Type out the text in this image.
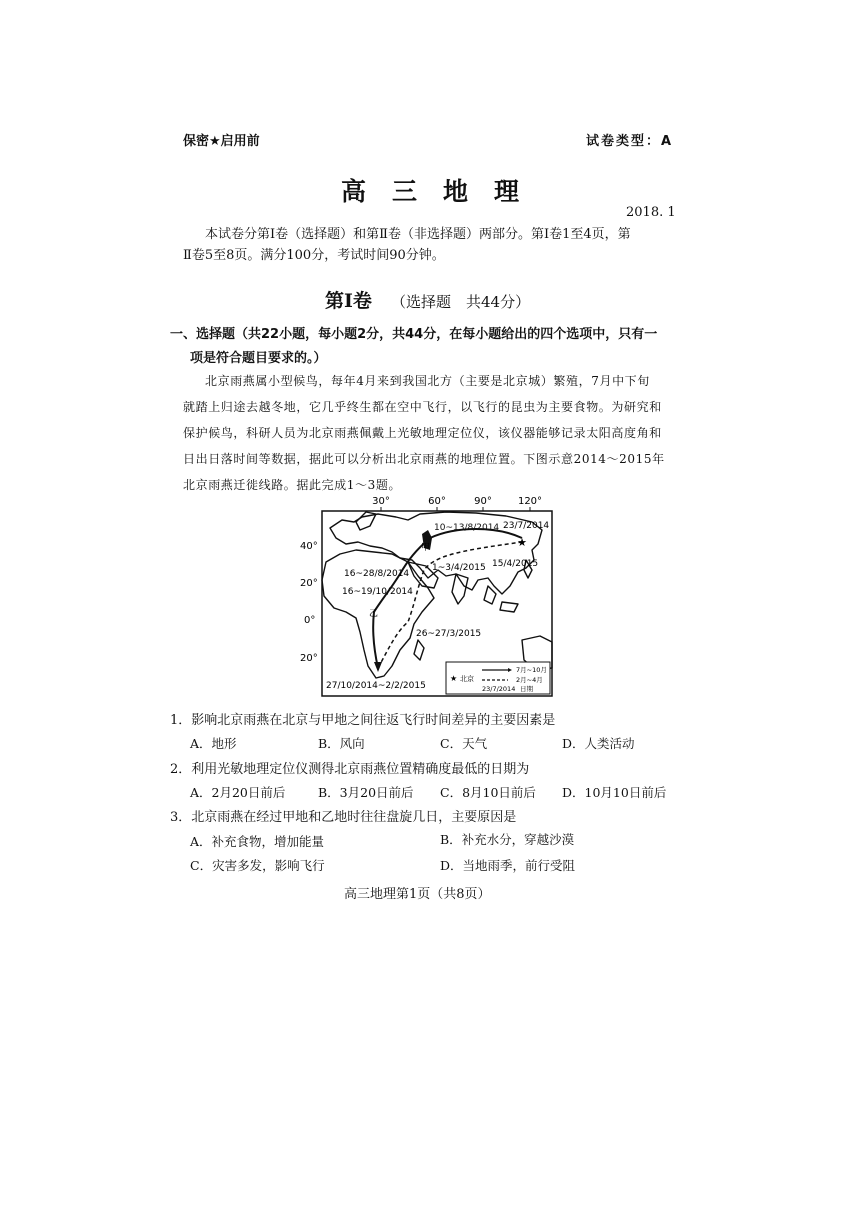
保密★启用前	试卷类型：A
高三地理
2018. 1
本试卷分第Ⅰ卷（选择题）和第Ⅱ卷（非选择题）两部分。第Ⅰ卷1至4页，第
Ⅱ卷5至8页。满分100分，考试时间90分钟。
第Ⅰ卷 （选择题　共44分）
一、选择题（共22小题，每小题2分，共44分，在每小题给出的四个选项中，只有一
项是符合题目要求的。）
北京雨燕属小型候鸟，每年4月来到我国北方（主要是北京城）繁殖，7月中下旬
就踏上归途去越冬地，它几乎终生都在空中飞行，以飞行的昆虫为主要食物。为研究和
保护候鸟，科研人员为北京雨燕佩戴上光敏地理定位仪，该仪器能够记录太阳高度角和
日出日落时间等数据，据此可以分析出北京雨燕的地理位置。下图示意2014～2015年
北京雨燕迁徙线路。据此完成1～3题。
30°	60°	90°	120°
40°
20°
0°
20°
★
10~13/8/2014 23/7/2014
甲
1~3/4/2015 15/4/2015
16~28/8/2014
16~19/10/2014
乙
26~27/3/2015
27/10/2014~2/2/2015
★ 北京
7月~10月
2月~4月
23/7/2014 日期
1．影响北京雨燕在北京与甲地之间往返飞行时间差异的主要因素是
A．地形	B．风向	C．天气	D．人类活动
2．利用光敏地理定位仪测得北京雨燕位置精确度最低的日期为
A．2月20日前后	B．3月20日前后 C．8月10日前后 D．10月10日前后
3．北京雨燕在经过甲地和乙地时往往盘旋几日，主要原因是
A．补充食物，增加能量	B．补充水分，穿越沙漠
C．灾害多发，影响飞行	D．当地雨季，前行受阻
高三地理第1页（共8页）
